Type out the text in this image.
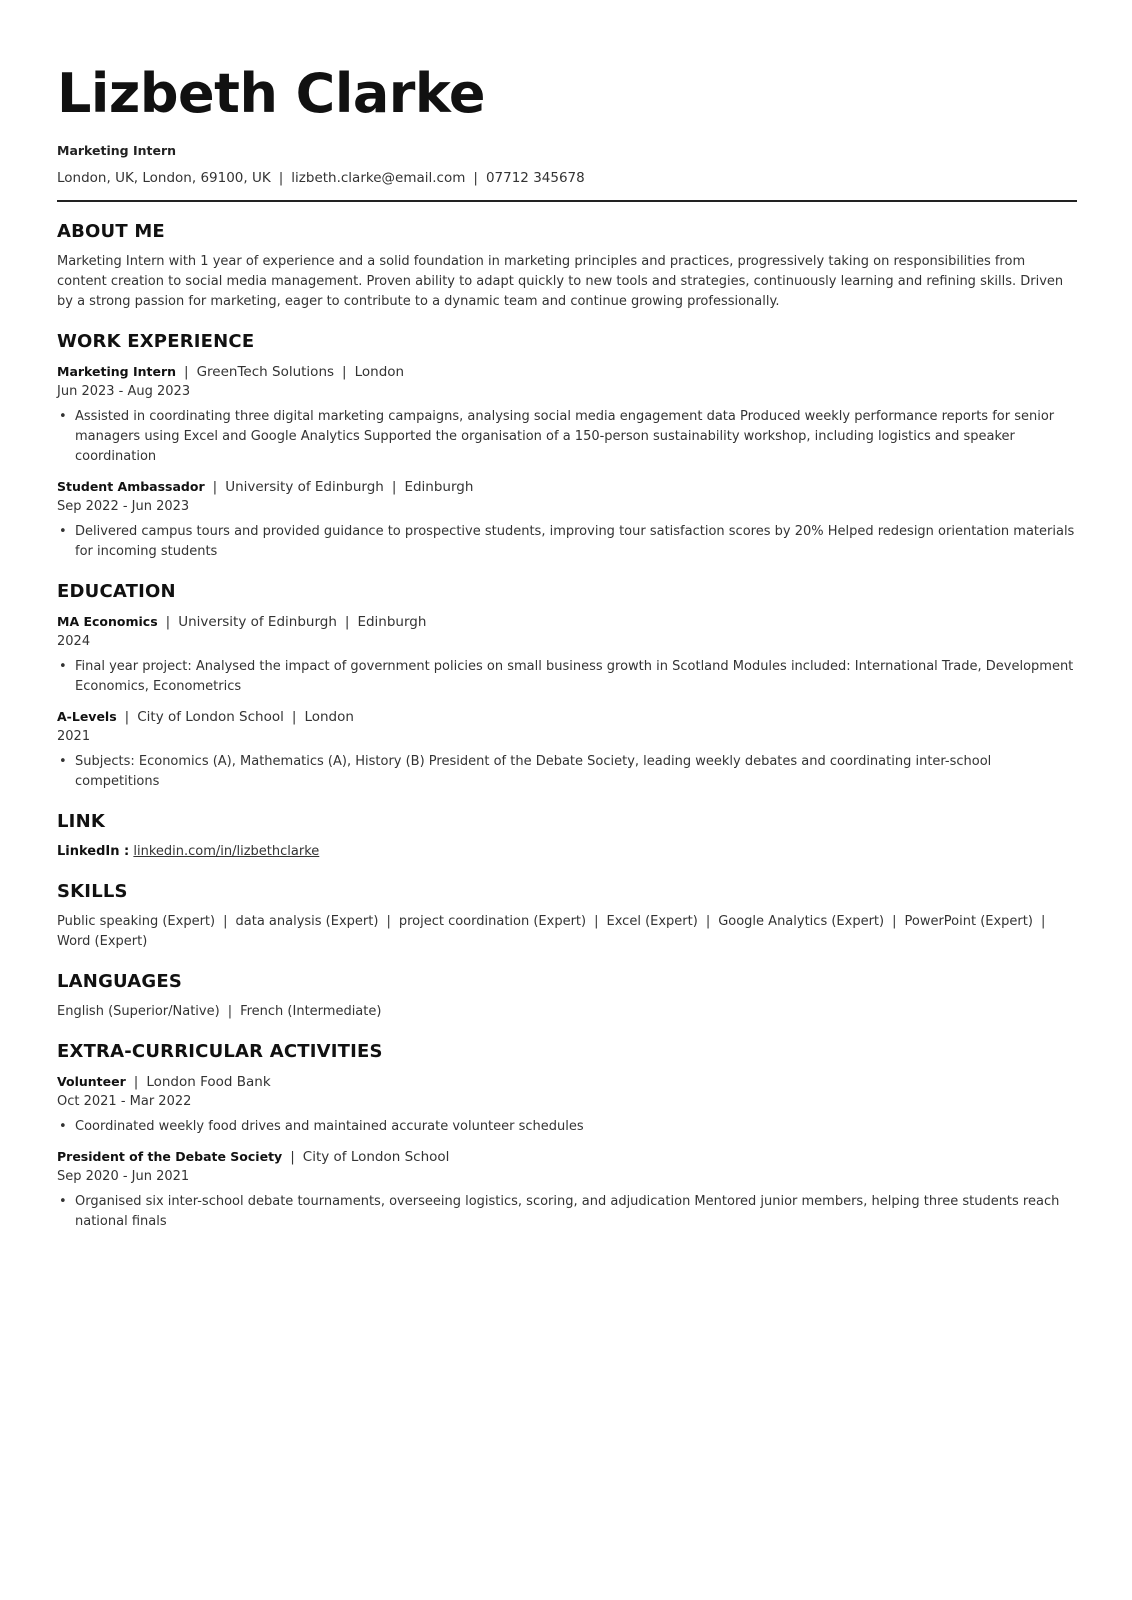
Lizbeth Clarke
Marketing Intern
London, UK, London, 69100, UK | lizbeth.clarke@email.com | 07712 345678
ABOUT ME

Marketing Intern with 1 year of experience and a solid foundation in marketing principles and practices, progressively taking on responsibilities from content creation to social media management. Proven ability to adapt quickly to new tools and strategies, continuously learning and refining skills. Driven by a strong passion for marketing, eager to contribute to a dynamic team and continue growing professionally.

WORK EXPERIENCE
Marketing Intern | GreenTech Solutions | London
Jun 2023 - Aug 2023
• Assisted in coordinating three digital marketing campaigns, analysing social media engagement data Produced weekly performance reports for senior managers using Excel and Google Analytics Supported the organisation of a 150-person sustainability workshop, including logistics and speaker coordination
Student Ambassador | University of Edinburgh | Edinburgh
Sep 2022 - Jun 2023
• Delivered campus tours and provided guidance to prospective students, improving tour satisfaction scores by 20% Helped redesign orientation materials for incoming students
EDUCATION
MA Economics | University of Edinburgh | Edinburgh
2024
• Final year project: Analysed the impact of government policies on small business growth in Scotland Modules included: International Trade, Development Economics, Econometrics
A-Levels | City of London School | London
2021
• Subjects: Economics (A), Mathematics (A), History (B) President of the Debate Society, leading weekly debates and coordinating inter-school competitions
LINK
LinkedIn : linkedin.com/in/lizbethclarke
SKILLS
Public speaking (Expert) | data analysis (Expert) | project coordination (Expert) | Excel (Expert) | Google Analytics (Expert) | PowerPoint (Expert) |
Word (Expert)
LANGUAGES
English (Superior/Native) | French (Intermediate)
EXTRA-CURRICULAR ACTIVITIES
Volunteer | London Food Bank
Oct 2021 - Mar 2022
• Coordinated weekly food drives and maintained accurate volunteer schedules
President of the Debate Society | City of London School
Sep 2020 - Jun 2021
• Organised six inter-school debate tournaments, overseeing logistics, scoring, and adjudication Mentored junior members, helping three students reach national finals
